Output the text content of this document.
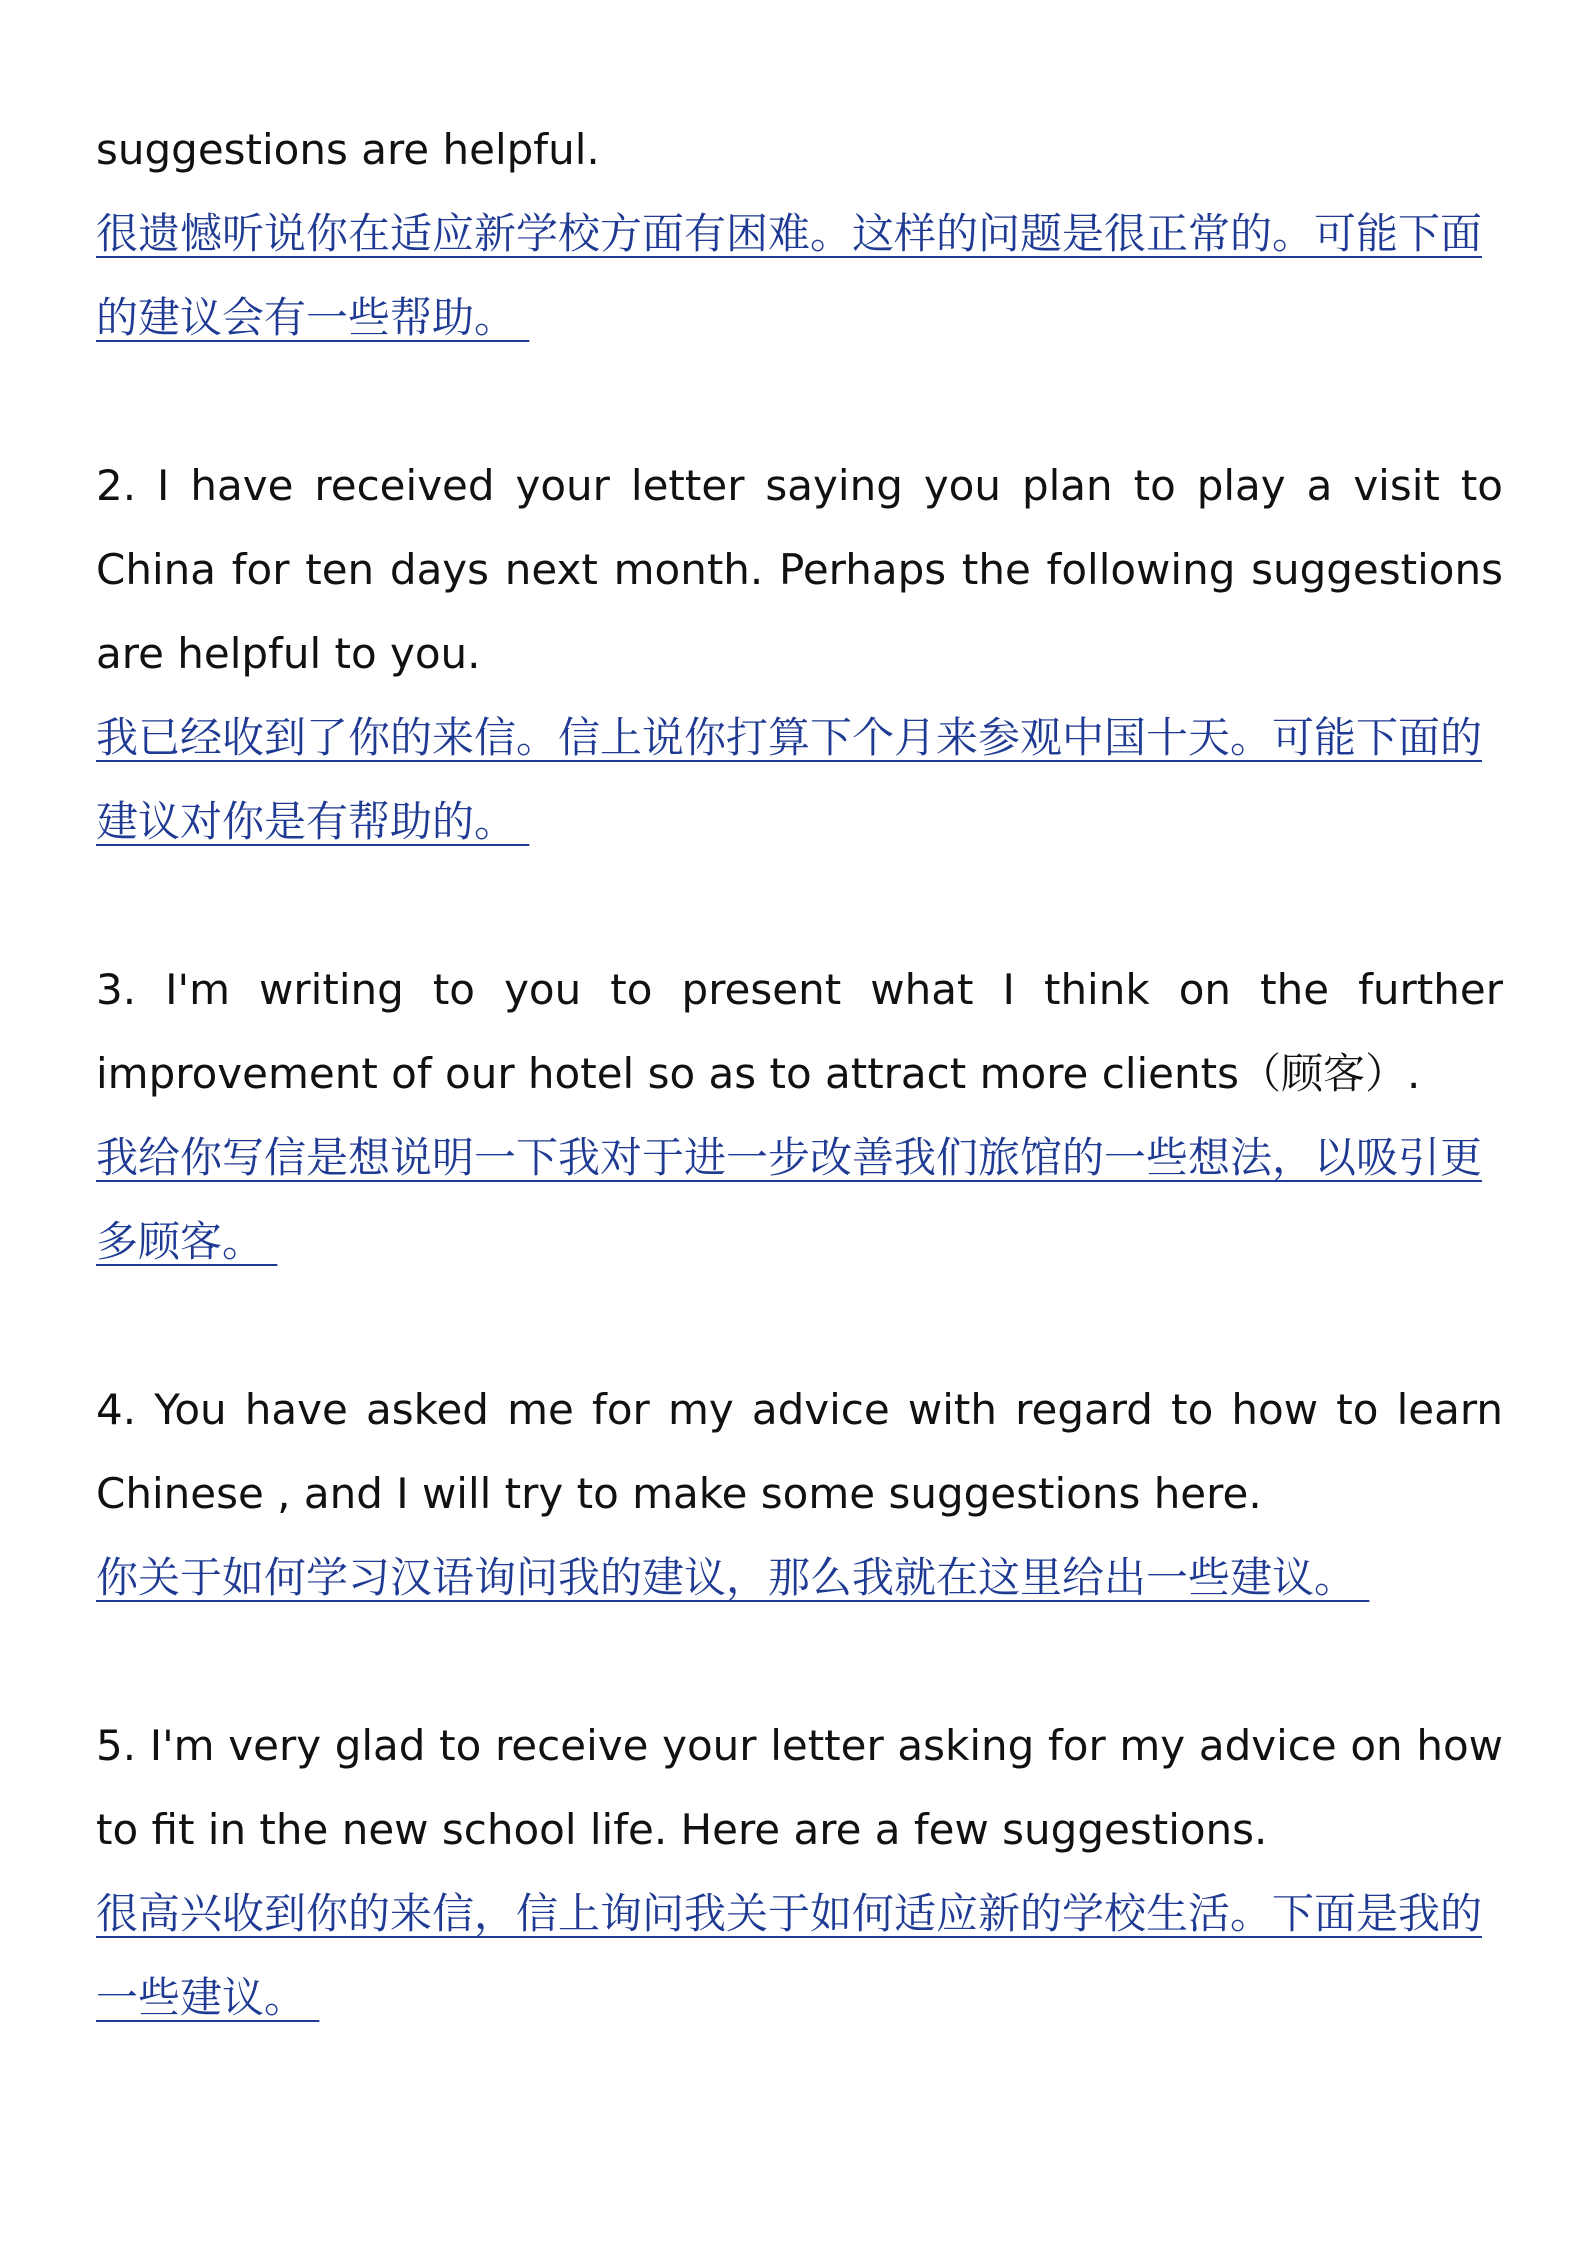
suggestions are helpful.

很遗憾听说你在适应新学校方面有困难。这样的问题是很正常的。可能下面的建议会有一些帮助。

2. I have received your letter saying you plan to play a visit to China for ten days next month. Perhaps the following suggestions are helpful to you.

我已经收到了你的来信。信上说你打算下个月来参观中国十天。可能下面的建议对你是有帮助的。

3. I'm writing to you to present what I think on the further improvement of our hotel so as to attract more clients（顾客）.

我给你写信是想说明一下我对于进一步改善我们旅馆的一些想法，以吸引更多顾客。

4. You have asked me for my advice with regard to how to learn Chinese , and I will try to make some suggestions here.

你关于如何学习汉语询问我的建议，那么我就在这里给出一些建议。

5. I'm very glad to receive your letter asking for my advice on how to fit in the new school life. Here are a few suggestions.

很高兴收到你的来信，信上询问我关于如何适应新的学校生活。下面是我的一些建议。
